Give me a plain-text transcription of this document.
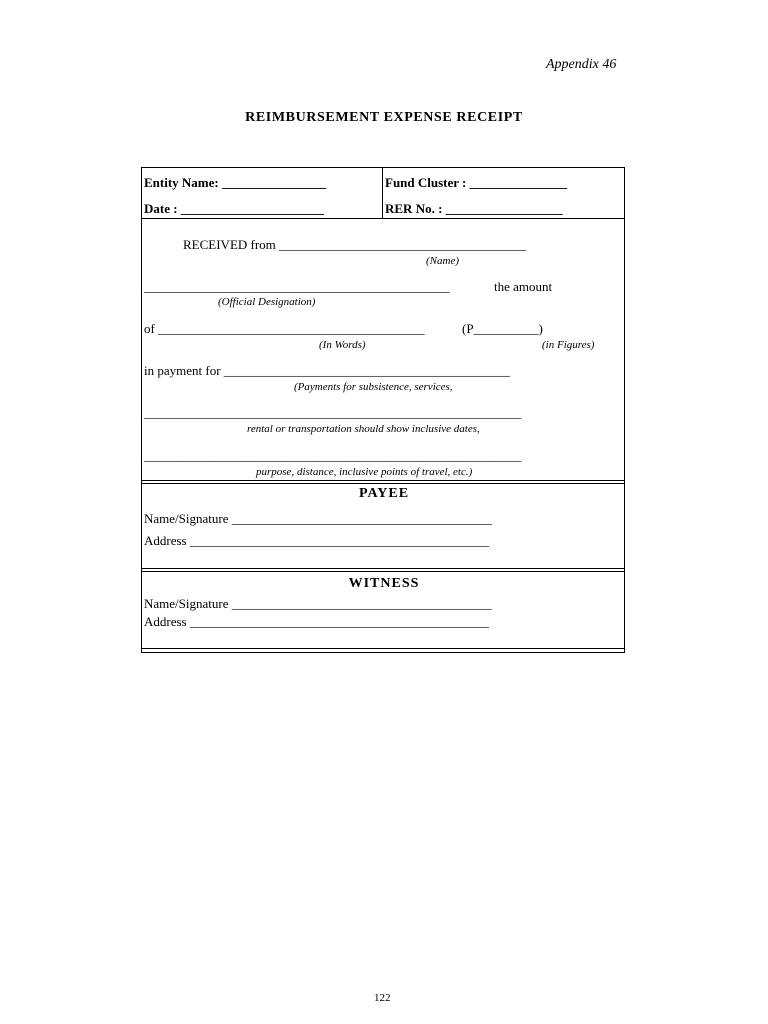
Appendix 46
REIMBURSEMENT EXPENSE RECEIPT
Entity Name: ________________	Fund Cluster : _______________
Date : ______________________	RER No. : __________________
RECEIVED from ______________________________________
(Name)
_______________________________________________	the amount
(Official Designation)
of _________________________________________	(P__________)
(In Words)	(in Figures)
in payment for ____________________________________________
(Payments for subsistence, services,
__________________________________________________________
rental or transportation should show inclusive dates,
__________________________________________________________
purpose, distance, inclusive points of travel, etc.)
PAYEE
Name/Signature ________________________________________
Address ______________________________________________
WITNESS
Name/Signature ________________________________________
Address ______________________________________________
122
